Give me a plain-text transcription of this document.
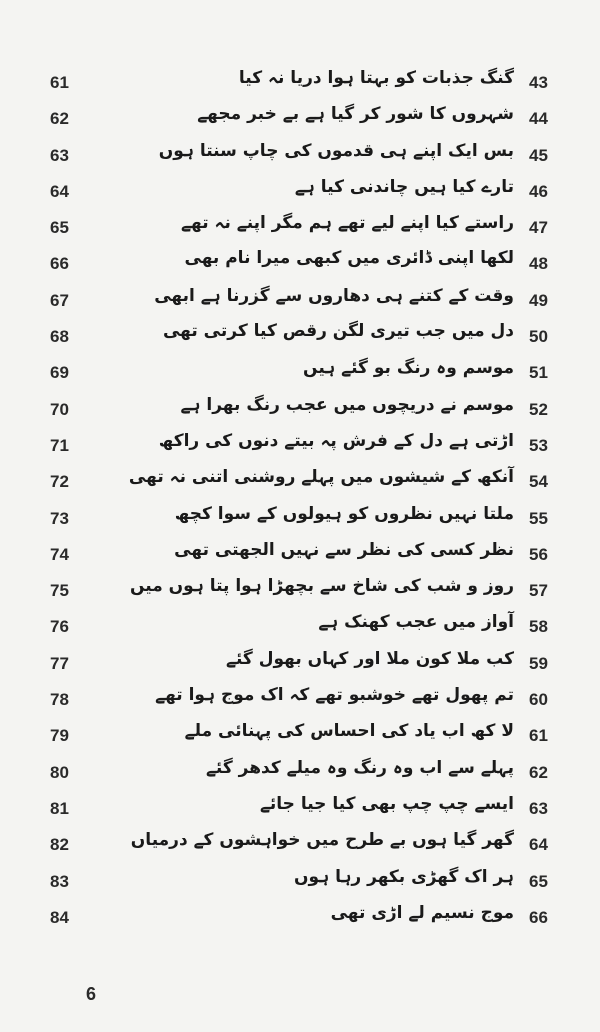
43
گنگ جذبات کو بہتا ہوا دریا نہ کیا
61
44
شہروں کا شور کر گیا ہے بے خبر مجھے
62
45
بس ایک اپنے ہی قدموں کی چاپ سنتا ہوں
63
46
تارے کیا ہیں چاندنی کیا ہے
64
47
راستے کیا اپنے لیے تھے ہم مگر اپنے نہ تھے
65
48
لکھا اپنی ڈائری میں کبھی میرا نام بھی
66
49
وقت کے کتنے ہی دھاروں سے گزرنا ہے ابھی
67
50
دل میں جب تیری لگن رقص کیا کرتی تھی
68
51
موسم وہ رنگ بو گئے ہیں
69
52
موسم نے دریچوں میں عجب رنگ بھرا ہے
70
53
اڑتی ہے دل کے فرش پہ بیتے دنوں کی راکھ
71
54
آنکھ کے شیشوں میں پہلے روشنی اتنی نہ تھی
72
55
ملتا نہیں نظروں کو ہیولوں کے سوا کچھ
73
56
نظر کسی کی نظر سے نہیں الجھتی تھی
74
57
روز و شب کی شاخ سے بچھڑا ہوا پتا ہوں میں
75
58
آواز میں عجب کھنک ہے
76
59
کب ملا کون ملا اور کہاں بھول گئے
77
60
تم پھول تھے خوشبو تھے کہ اک موج ہوا تھے
78
61
لا کھ اب یاد کی احساس کی پہنائی ملے
79
62
پہلے سے اب وہ رنگ وہ میلے کدھر گئے
80
63
ایسے چپ چپ بھی کیا جیا جائے
81
64
گھر گیا ہوں بے طرح میں خواہشوں کے درمیاں
82
65
ہر اک گھڑی بکھر رہا ہوں
83
66
موج نسیم لے اڑی تھی
84
6
